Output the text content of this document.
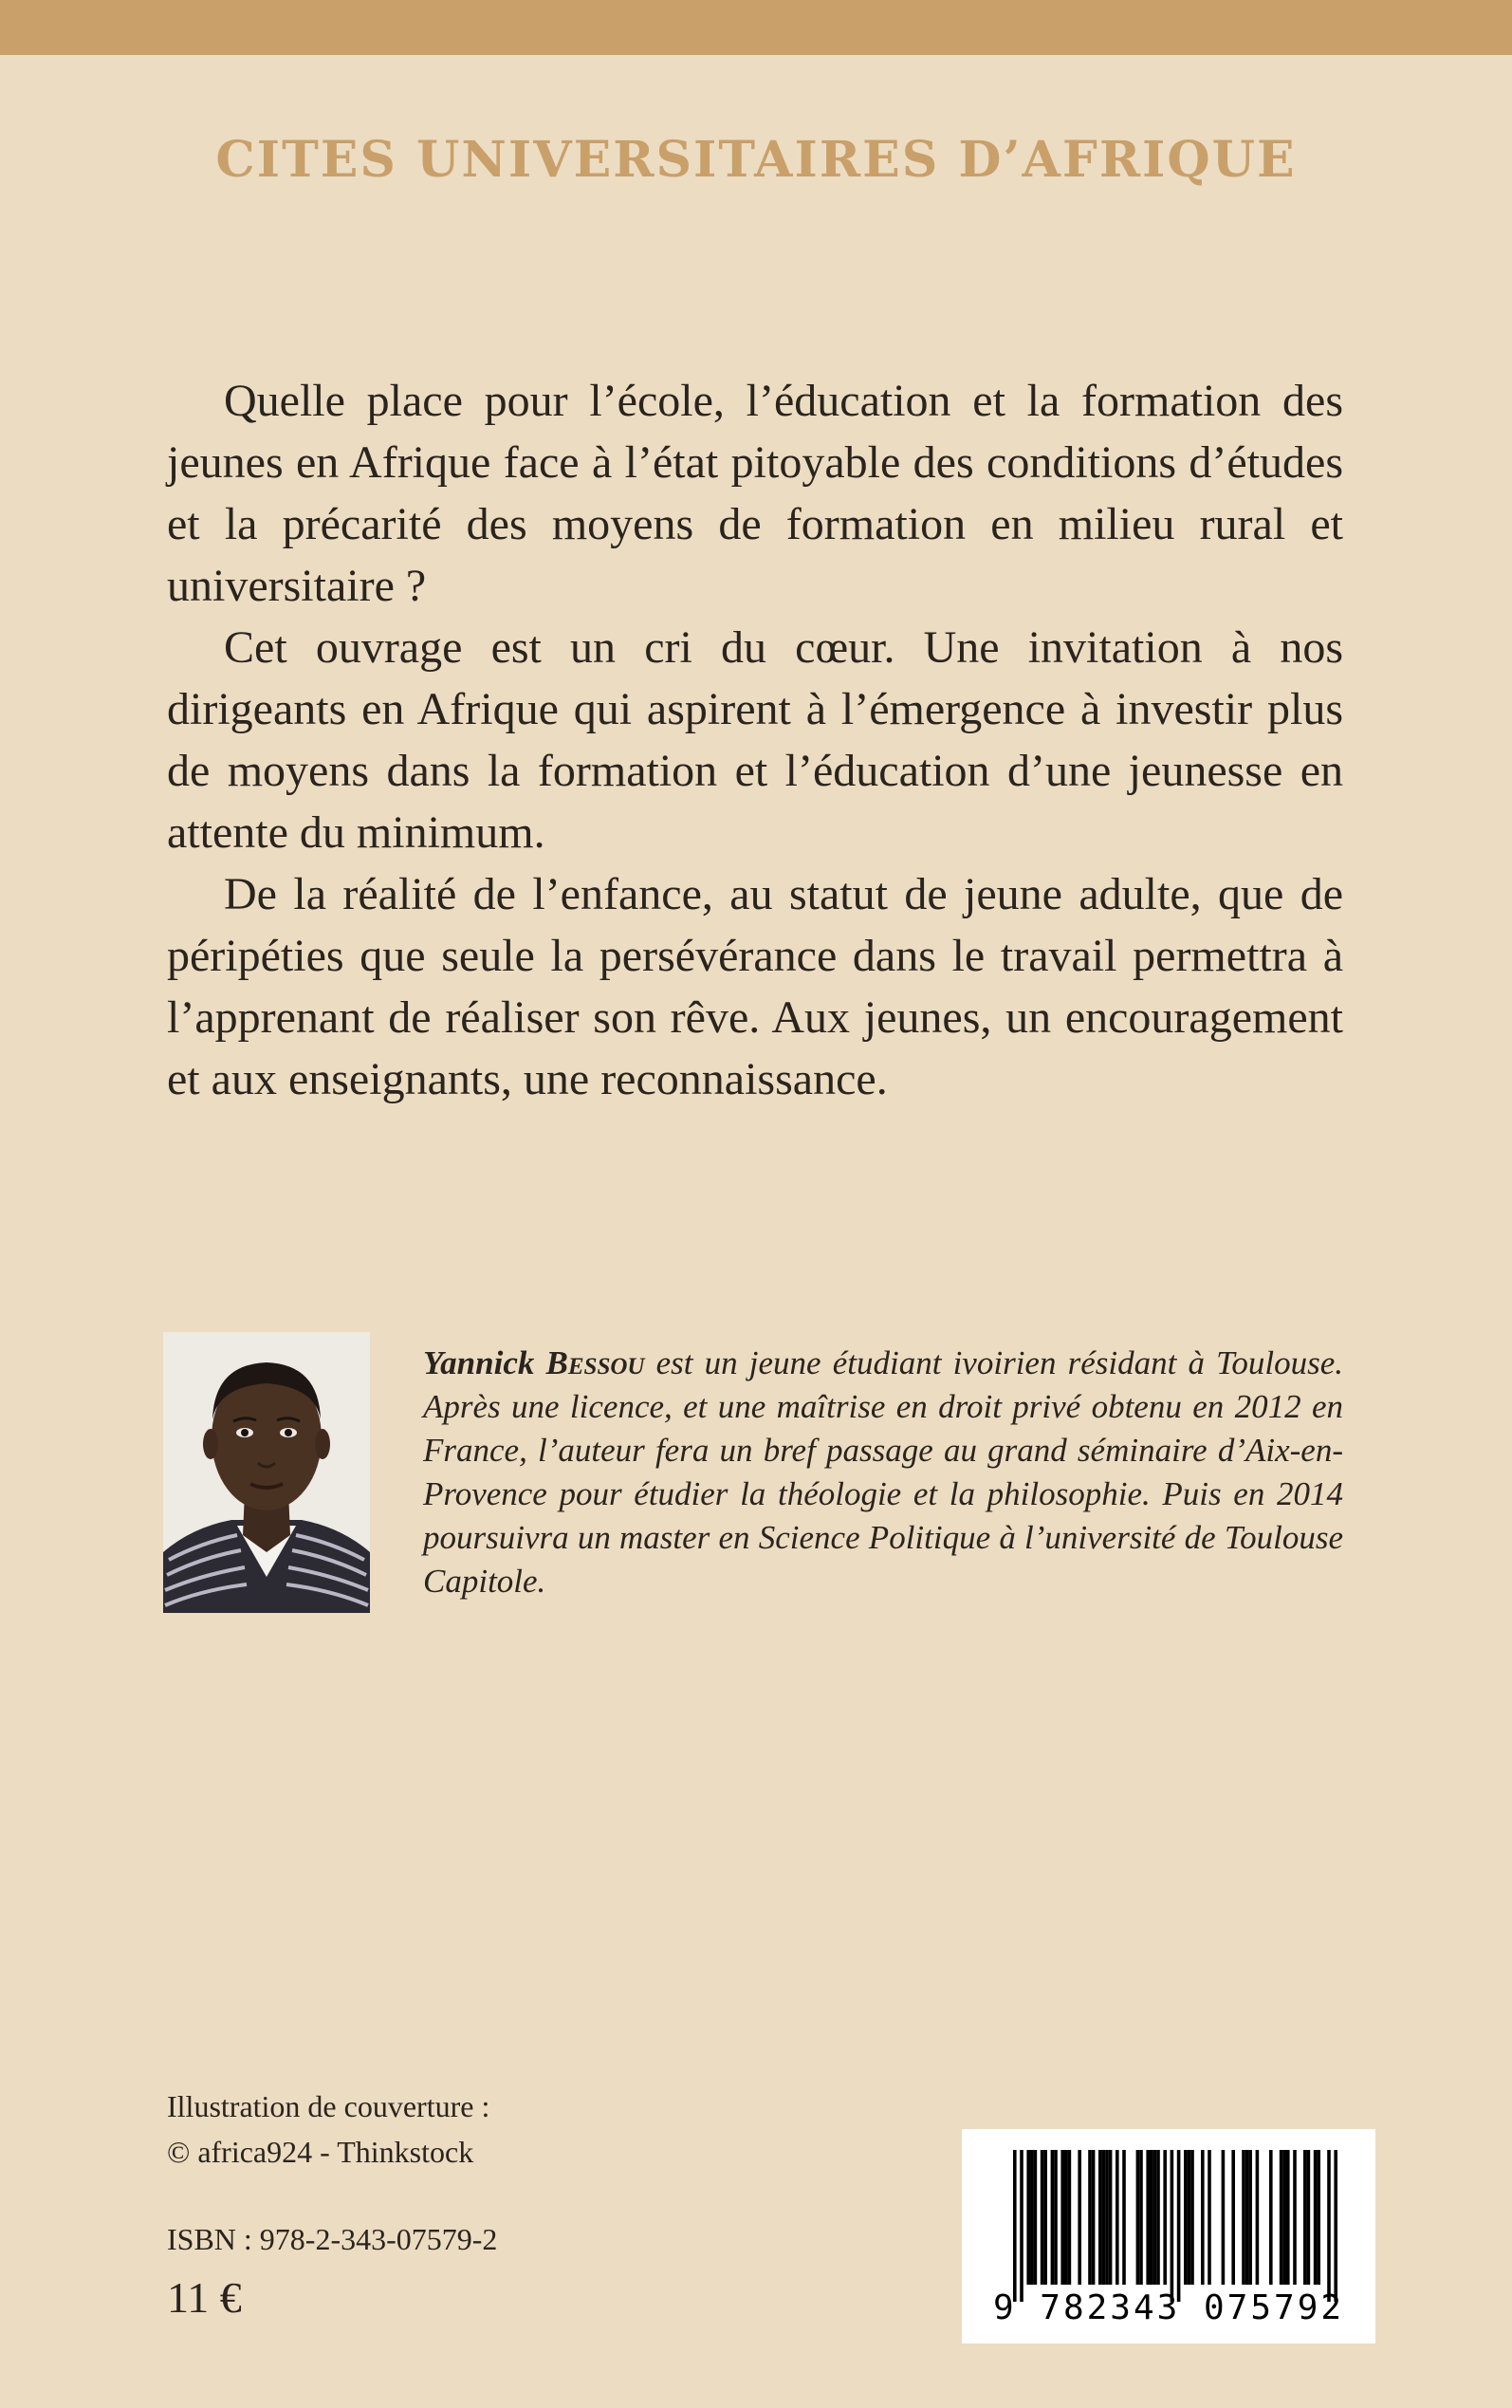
CITES UNIVERSITAIRES D’AFRIQUE

Quelle place pour l’école, l’éducation et la formation des jeunes en Afrique face à l’état pitoyable des conditions d’études et la précarité des moyens de formation en milieu rural et universitaire ?

Cet ouvrage est un cri du cœur. Une invitation à nos dirigeants en Afrique qui aspirent à l’émergence à investir plus de moyens dans la formation et l’éducation d’une jeunesse en attente du minimum.

De la réalité de l’enfance, au statut de jeune adulte, que de péripéties que seule la persévérance dans le travail permettra à l’apprenant de réaliser son rêve. Aux jeunes, un encouragement et aux enseignants, une reconnaissance.

Yannick Bessou est un jeune étudiant ivoirien résidant à Toulouse. Après une licence, et une maîtrise en droit privé obtenu en 2012 en France, l’auteur fera un bref passage au grand séminaire d’Aix-en-Provence pour étudier la théologie et la philosophie. Puis en 2014 poursuivra un master en Science Politique à l’université de Toulouse Capitole.
Illustration de couverture :
© africa924 - Thinkstock
ISBN : 978-2-343-07579-2
11 €	9 782343 075792
